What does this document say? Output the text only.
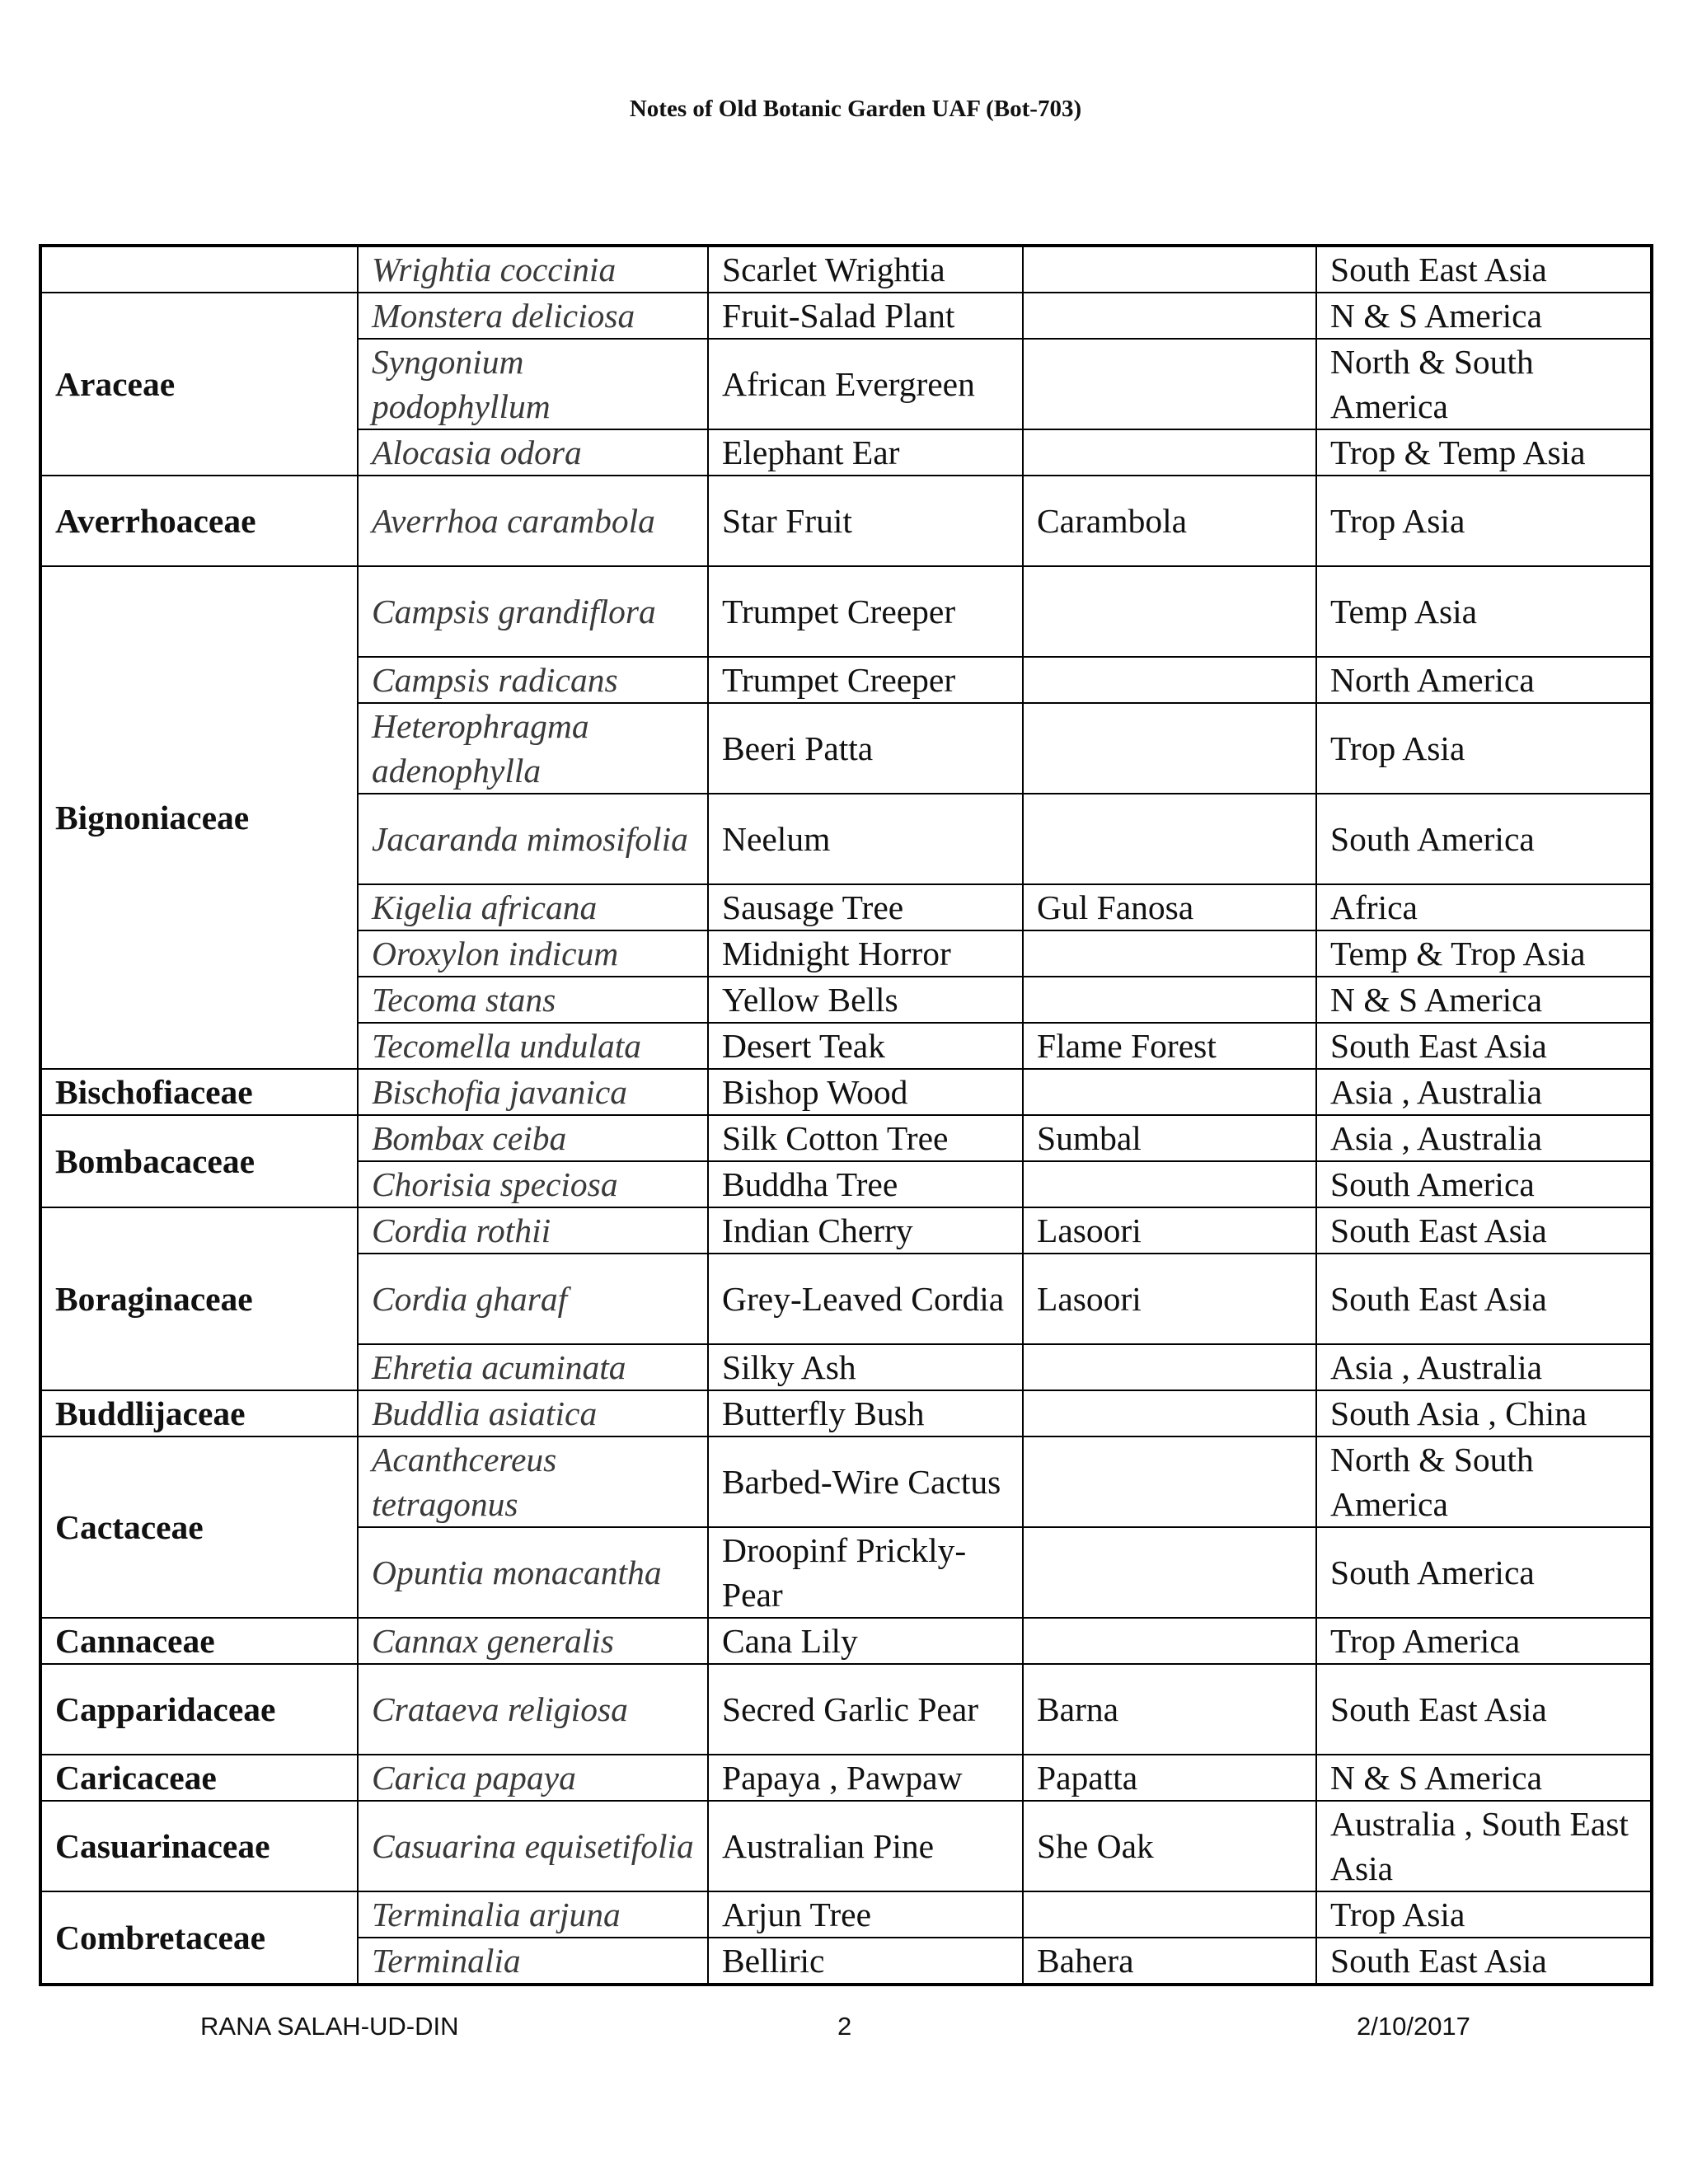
Notes of Old Botanic Garden UAF (Bot-703)
	Wrightia coccinia	Scarlet Wrightia		South East Asia
Araceae	Monstera deliciosa	Fruit-Salad Plant		N & S America
	Syngonium podophyllum	African Evergreen		North & South America
	Alocasia odora	Elephant Ear		Trop & Temp Asia
Averrhoaceae	Averrhoa carambola	Star Fruit	Carambola	Trop Asia
Bignoniaceae	Campsis grandiflora	Trumpet Creeper		Temp Asia
	Campsis radicans	Trumpet Creeper		North America
	Heterophragma adenophylla	Beeri Patta		Trop Asia
	Jacaranda mimosifolia	Neelum		South America
	Kigelia africana	Sausage Tree	Gul Fanosa	Africa
	Oroxylon indicum	Midnight Horror		Temp & Trop Asia
	Tecoma stans	Yellow Bells		N & S America
	Tecomella undulata	Desert Teak	Flame Forest	South East Asia
Bischofiaceae	Bischofia javanica	Bishop Wood		Asia , Australia
Bombacaceae	Bombax ceiba	Silk Cotton Tree	Sumbal	Asia , Australia
	Chorisia speciosa	Buddha Tree		South America
Boraginaceae	Cordia rothii	Indian Cherry	Lasoori	South East Asia
	Cordia gharaf	Grey-Leaved Cordia	Lasoori	South East Asia
	Ehretia acuminata	Silky Ash		Asia , Australia
Buddlijaceae	Buddlia asiatica	Butterfly Bush		South Asia , China
Cactaceae	Acanthcereus tetragonus	Barbed-Wire Cactus		North & South America
	Opuntia monacantha	Droopinf Prickly-Pear		South America
Cannaceae	Cannax generalis	Cana Lily		Trop America
Capparidaceae	Crataeva religiosa	Secred Garlic Pear	Barna	South East Asia
Caricaceae	Carica papaya	Papaya , Pawpaw	Papatta	N & S America
Casuarinaceae	Casuarina equisetifolia	Australian Pine	She Oak	Australia , South East Asia
Combretaceae	Terminalia arjuna	Arjun Tree		Trop Asia
	Terminalia	Belliric	Bahera	South East Asia
RANA SALAH-UD-DIN	2	2/10/2017
